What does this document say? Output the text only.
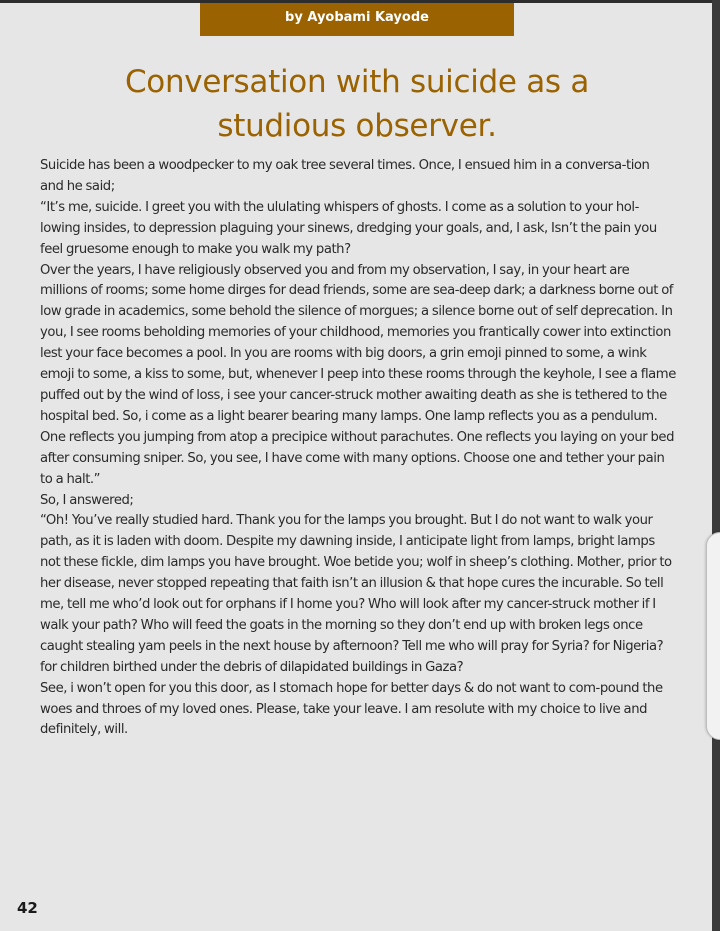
by Ayobami Kayode
Conversation with suicide as a
studious observer.

Suicide has been a woodpecker to my oak tree several times. Once, I ensued him in a conversa-tion and he said;

“It’s me, suicide. I greet you with the ululating whispers of ghosts. I come as a solution to your hol-lowing insides, to depression plaguing your sinews, dredging your goals, and, I ask, Isn’t the pain you feel gruesome enough to make you walk my path?

Over the years, I have religiously observed you and from my observation, I say, in your heart are millions of rooms; some home dirges for dead friends, some are sea-deep dark; a darkness borne out of low grade in academics, some behold the silence of morgues; a silence borne out of self deprecation. In you, I see rooms beholding memories of your childhood, memories you frantically cower into extinction lest your face becomes a pool. In you are rooms with big doors, a grin emoji pinned to some, a wink emoji to some, a kiss to some, but, whenever I peep into these rooms through the keyhole, I see a flame puffed out by the wind of loss, i see your cancer-struck mother awaiting death as she is tethered to the hospital bed. So, i come as a light bearer bearing many lamps. One lamp reflects you as a pendulum. One reflects you jumping from atop a precipice without parachutes. One reflects you laying on your bed after consuming sniper. So, you see, I have come with many options. Choose one and tether your pain to a halt.”

So, I answered;

“Oh! You’ve really studied hard. Thank you for the lamps you brought. But I do not want to walk your path, as it is laden with doom. Despite my dawning inside, I anticipate light from lamps, bright lamps not these fickle, dim lamps you have brought. Woe betide you; wolf in sheep’s clothing. Mother, prior to her disease, never stopped repeating that faith isn’t an illusion & that hope cures the incurable. So tell me, tell me who’d look out for orphans if I home you? Who will look after my cancer-struck mother if I walk your path? Who will feed the goats in the morning so they don’t end up with broken legs once caught stealing yam peels in the next house by afternoon? Tell me who will pray for Syria? for Nigeria? for children birthed under the debris of dilapidated buildings in Gaza?

See, i won’t open for you this door, as I stomach hope for better days & do not want to com-pound the woes and throes of my loved ones. Please, take your leave. I am resolute with my choice to live and definitely, will.

42
